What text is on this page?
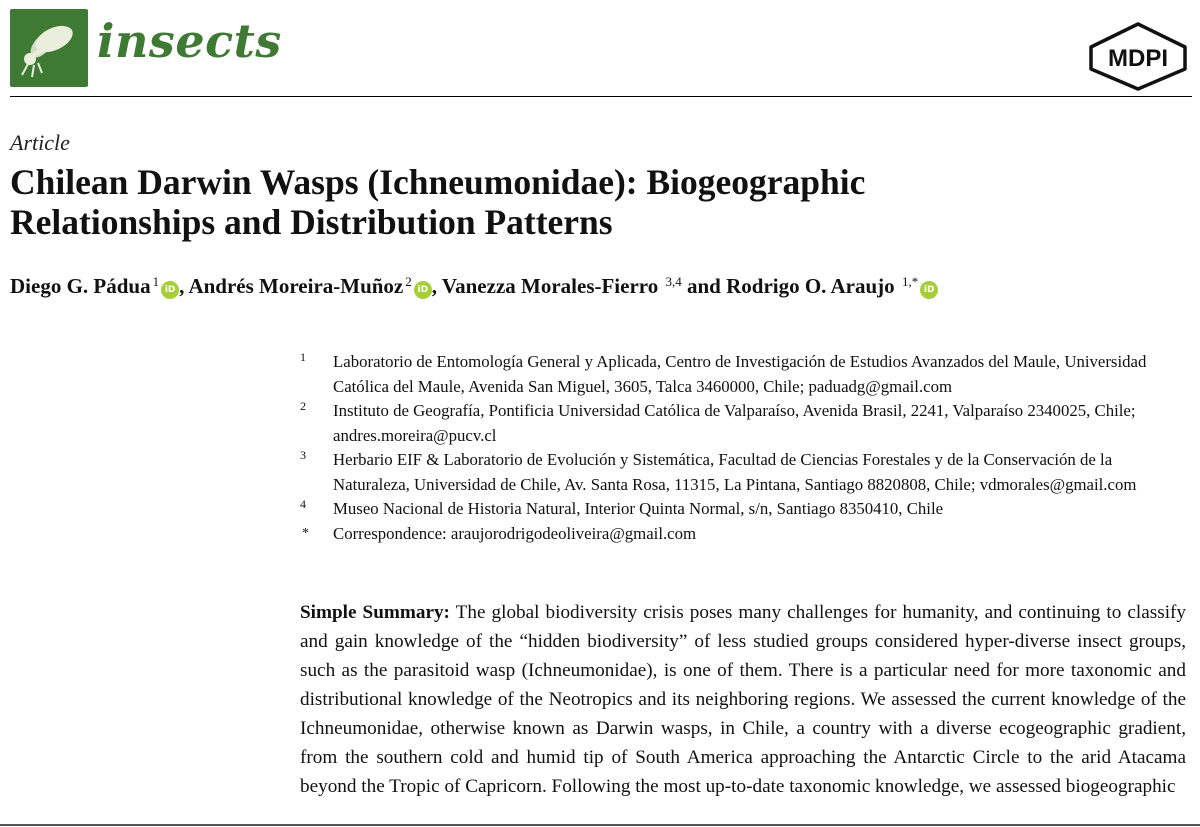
insects	MDPI
Article
Chilean Darwin Wasps (Ichneumonidae): Biogeographic
Relationships and Distribution Patterns
Diego G. Pádua $^1$iD , Andrés Moreira-Muñoz $^2$iD , Vanezza Morales-Fierro $^{3,4}$ and Rodrigo O. Araujo $^{1,*}$iD
1 Laboratorio de Entomología General y Aplicada, Centro de Investigación de Estudios Avanzados del Maule, Universidad Católica del Maule, Avenida San Miguel, 3605, Talca 3460000, Chile; paduadg@gmail.com
2 Instituto de Geografía, Pontificia Universidad Católica de Valparaíso, Avenida Brasil, 2241, Valparaíso 2340025, Chile; andres.moreira@pucv.cl
3 Herbario EIF & Laboratorio de Evolución y Sistemática, Facultad de Ciencias Forestales y de la Conservación de la Naturaleza, Universidad de Chile, Av. Santa Rosa, 11315, La Pintana, Santiago 8820808, Chile; vdmorales@gmail.com
4 Museo Nacional de Historia Natural, Interior Quinta Normal, s/n, Santiago 8350410, Chile
* Correspondence: araujorodrigodeoliveira@gmail.com
Simple Summary: The global biodiversity crisis poses many challenges for humanity, and continuing to classify and gain knowledge of the “hidden biodiversity” of less studied groups considered hyper-diverse insect groups, such as the parasitoid wasp (Ichneumonidae), is one of them. There is a particular need for more taxonomic and distributional knowledge of the Neotropics and its neighboring regions. We assessed the current knowledge of the Ichneumonidae, otherwise known as Darwin wasps, in Chile, a country with a diverse ecogeographic gradient, from the southern cold and humid tip of South America approaching the Antarctic Circle to the arid Atacama beyond the Tropic of Capricorn. Following the most up-to-date taxonomic knowledge, we assessed biogeographic
